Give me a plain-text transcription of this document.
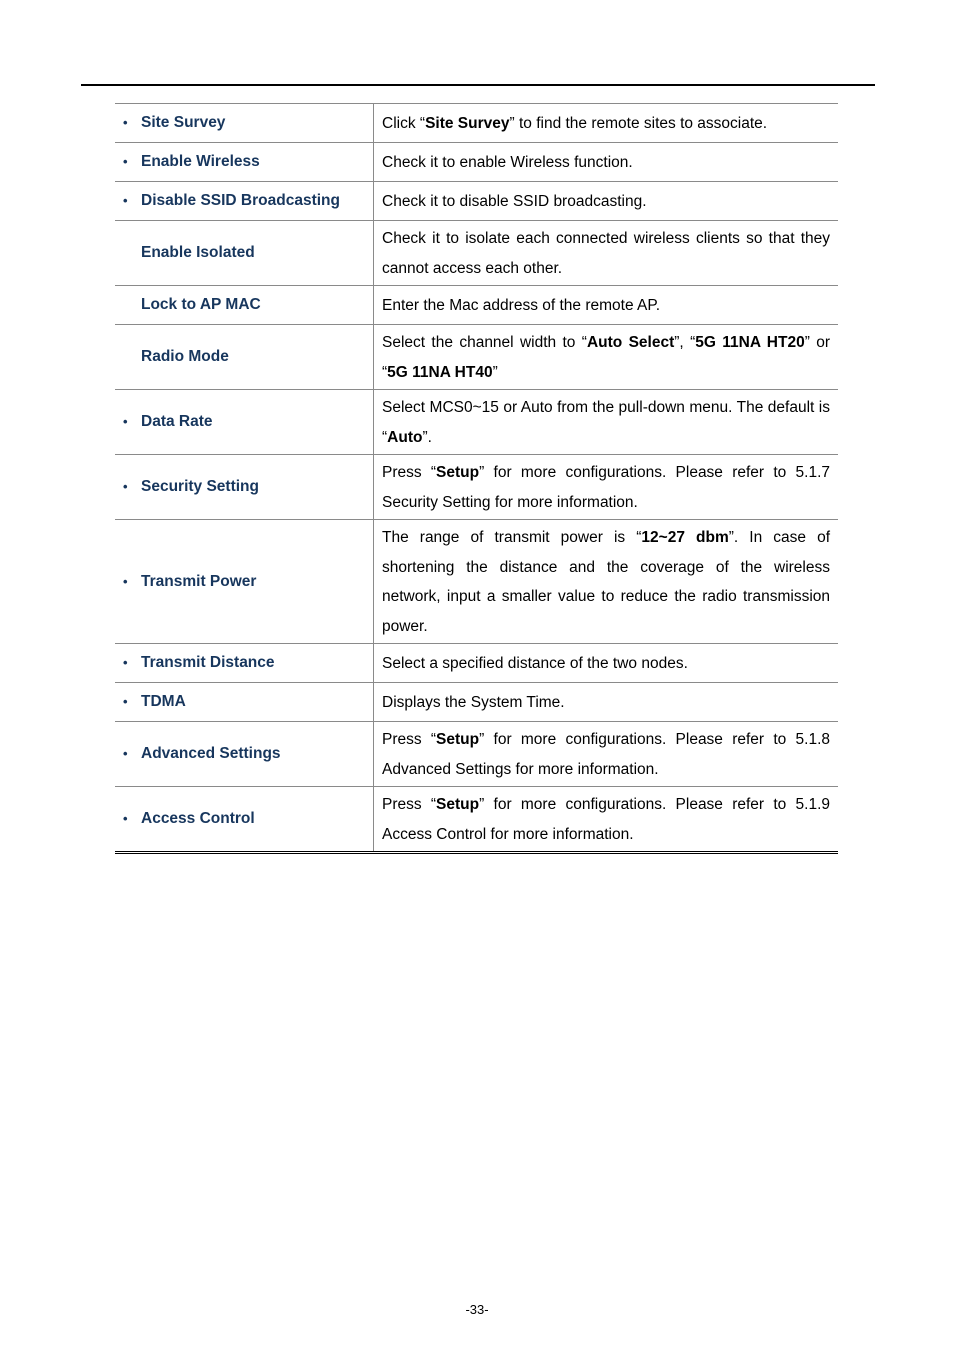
• Site Survey	Click “Site Survey” to find the remote sites to associate.
• Enable Wireless	Check it to enable Wireless function.
• Disable SSID Broadcasting	Check it to disable SSID broadcasting.
Enable Isolated	Check it to isolate each connected wireless clients so that they cannot access each other.
Lock to AP MAC	Enter the Mac address of the remote AP.
Radio Mode	Select the channel width to “Auto Select”, “5G 11NA HT20” or “5G 11NA HT40”
• Data Rate	Select MCS0~15 or Auto from the pull-down menu. The default is “Auto”.
• Security Setting	Press “Setup” for more configurations. Please refer to 5.1.7 Security Setting for more information.
• Transmit Power	The range of transmit power is “12~27 dbm”. In case of shortening the distance and the coverage of the wireless network, input a smaller value to reduce the radio transmission power.
• Transmit Distance	Select a specified distance of the two nodes.
• TDMA	Displays the System Time.
• Advanced Settings	Press “Setup” for more configurations. Please refer to 5.1.8 Advanced Settings for more information.
• Access Control	Press “Setup” for more configurations. Please refer to 5.1.9 Access Control for more information.
-33-
